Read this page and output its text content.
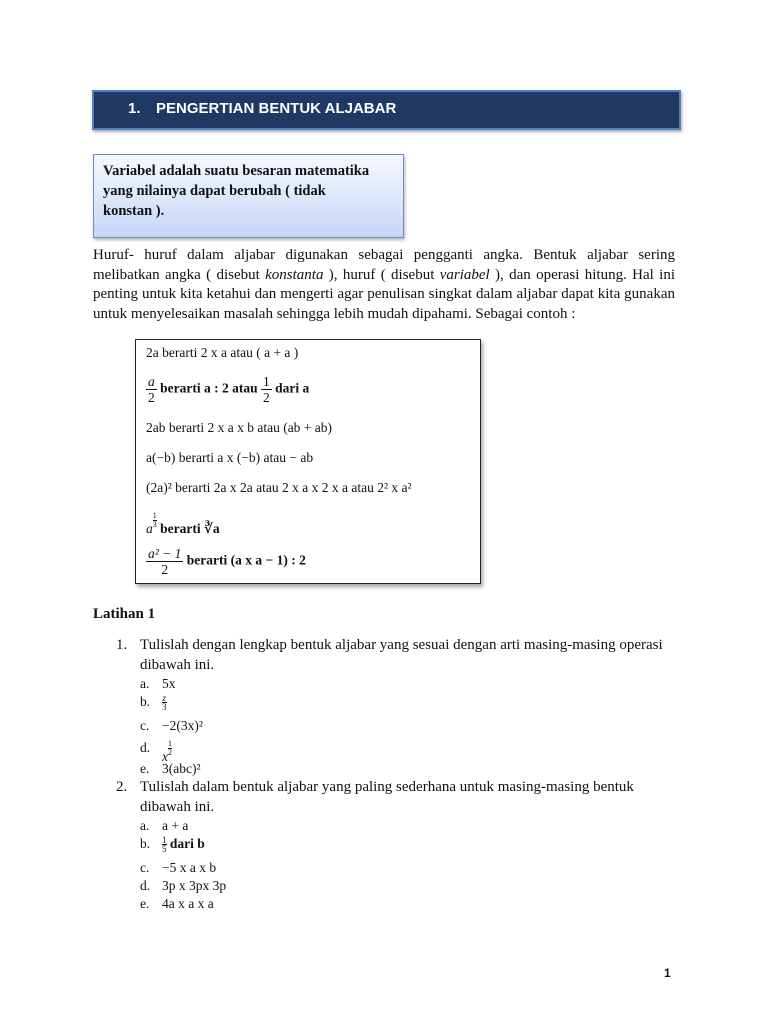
1. PENGERTIAN BENTUK ALJABAR
Variabel adalah suatu besaran matematika
yang nilainya dapat berubah ( tidak
konstan ).
Huruf- huruf dalam aljabar digunakan sebagai pengganti angka. Bentuk aljabar sering melibatkan angka ( disebut konstanta ), huruf ( disebut variabel ), dan operasi hitung. Hal ini penting untuk kita ketahui dan mengerti agar penulisan singkat dalam aljabar dapat kita gunakan untuk menyelesaikan masalah sehingga lebih mudah dipahami. Sebagai contoh :
2a berarti 2 x a atau ( a + a )
$\frac{a}{2}$ berarti a : 2 atau $\frac{1}{2}$ dari a
2ab berarti 2 x a x b atau (ab + ab)
a(−b) berarti a x (−b) atau − ab
(2a)² berarti 2a x 2a atau 2 x a x 2 x a atau 2² x a²
a $\frac{1}{3}$ berarti ∛a
$\frac{\text{a² − 1}}{2}$ berarti (a x a − 1) : 2
Latihan 1
1. Tulislah dengan lengkap bentuk aljabar yang sesuai dengan arti masing-masing operasi dibawah ini.
a. 5x
b. $\frac{z}{3}$
c. −2(3x)²
d.
x $\frac{1}{2}$
e. 3(abc)²
2. Tulislah dalam bentuk aljabar yang paling sederhana untuk masing-masing bentuk dibawah ini.
a. a + a
b. $\frac{1}{5}$ dari b
c. −5 x a x b
d. 3p x 3px 3p
e. 4a x a x a
1
